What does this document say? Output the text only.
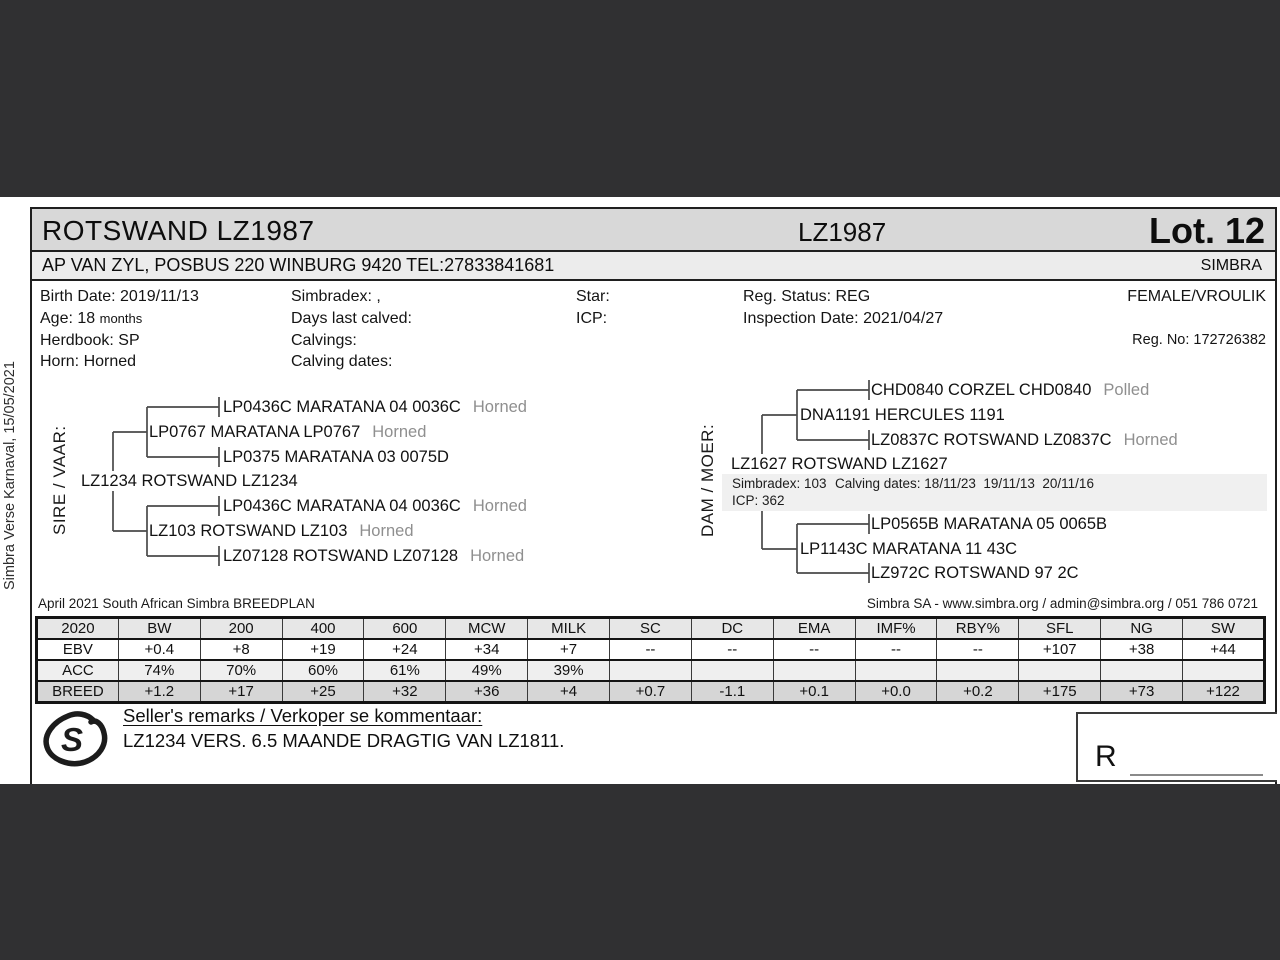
Simbra Verse Karnaval, 15/05/2021
ROTSWAND LZ1987	LZ1987	Lot. 12
AP VAN ZYL, POSBUS 220 WINBURG 9420 TEL:27833841681	SIMBRA
Birth Date: 2019/11/13
Age: 18 months
Herdbook: SP
Horn: Horned
Simbradex: ,
Days last calved:
Calvings:
Calving dates:
Star:
ICP:
Reg. Status: REG
Inspection Date: 2021/04/27
FEMALE/VROULIK
Reg. No: 172726382
SIRE / VAAR:	DAM / MOER:	Simbradex: 103 Calving dates: 18/11/23  19/11/13  20/11/16
ICP: 362
LP0436C MARATANA 04 0036C Horned
LP0767 MARATANA LP0767 Horned
LP0375 MARATANA 03 0075D
LZ1234 ROTSWAND LZ1234
LP0436C MARATANA 04 0036C Horned
LZ103 ROTSWAND LZ103 Horned
LZ07128 ROTSWAND LZ07128 Horned
CHD0840 CORZEL CHD0840 Polled
DNA1191 HERCULES 1191
LZ0837C ROTSWAND LZ0837C Horned
LZ1627 ROTSWAND LZ1627
LP0565B MARATANA 05 0065B
LP1143C MARATANA 11 43C
LZ972C ROTSWAND 97 2C
April 2021 South African Simbra BREEDPLAN	Simbra SA - www.simbra.org / admin@simbra.org / 051 786 0721
2020	BW	200	400	600	MCW	MILK	SC	DC	EMA	IMF%	RBY%	SFL	NG	SW
EBV	+0.4	+8	+19	+24	+34	+7	--	--	--	--	--	+107	+38	+44
ACC	74%	70%	60%	61%	49%	39%								
BREED	+1.2	+17	+25	+32	+36	+4	+0.7	-1.1	+0.1	+0.0	+0.2	+175	+73	+122
S
Seller's remarks / Verkoper se kommentaar:
LZ1234 VERS. 6.5 MAANDE DRAGTIG VAN LZ1811.	R
